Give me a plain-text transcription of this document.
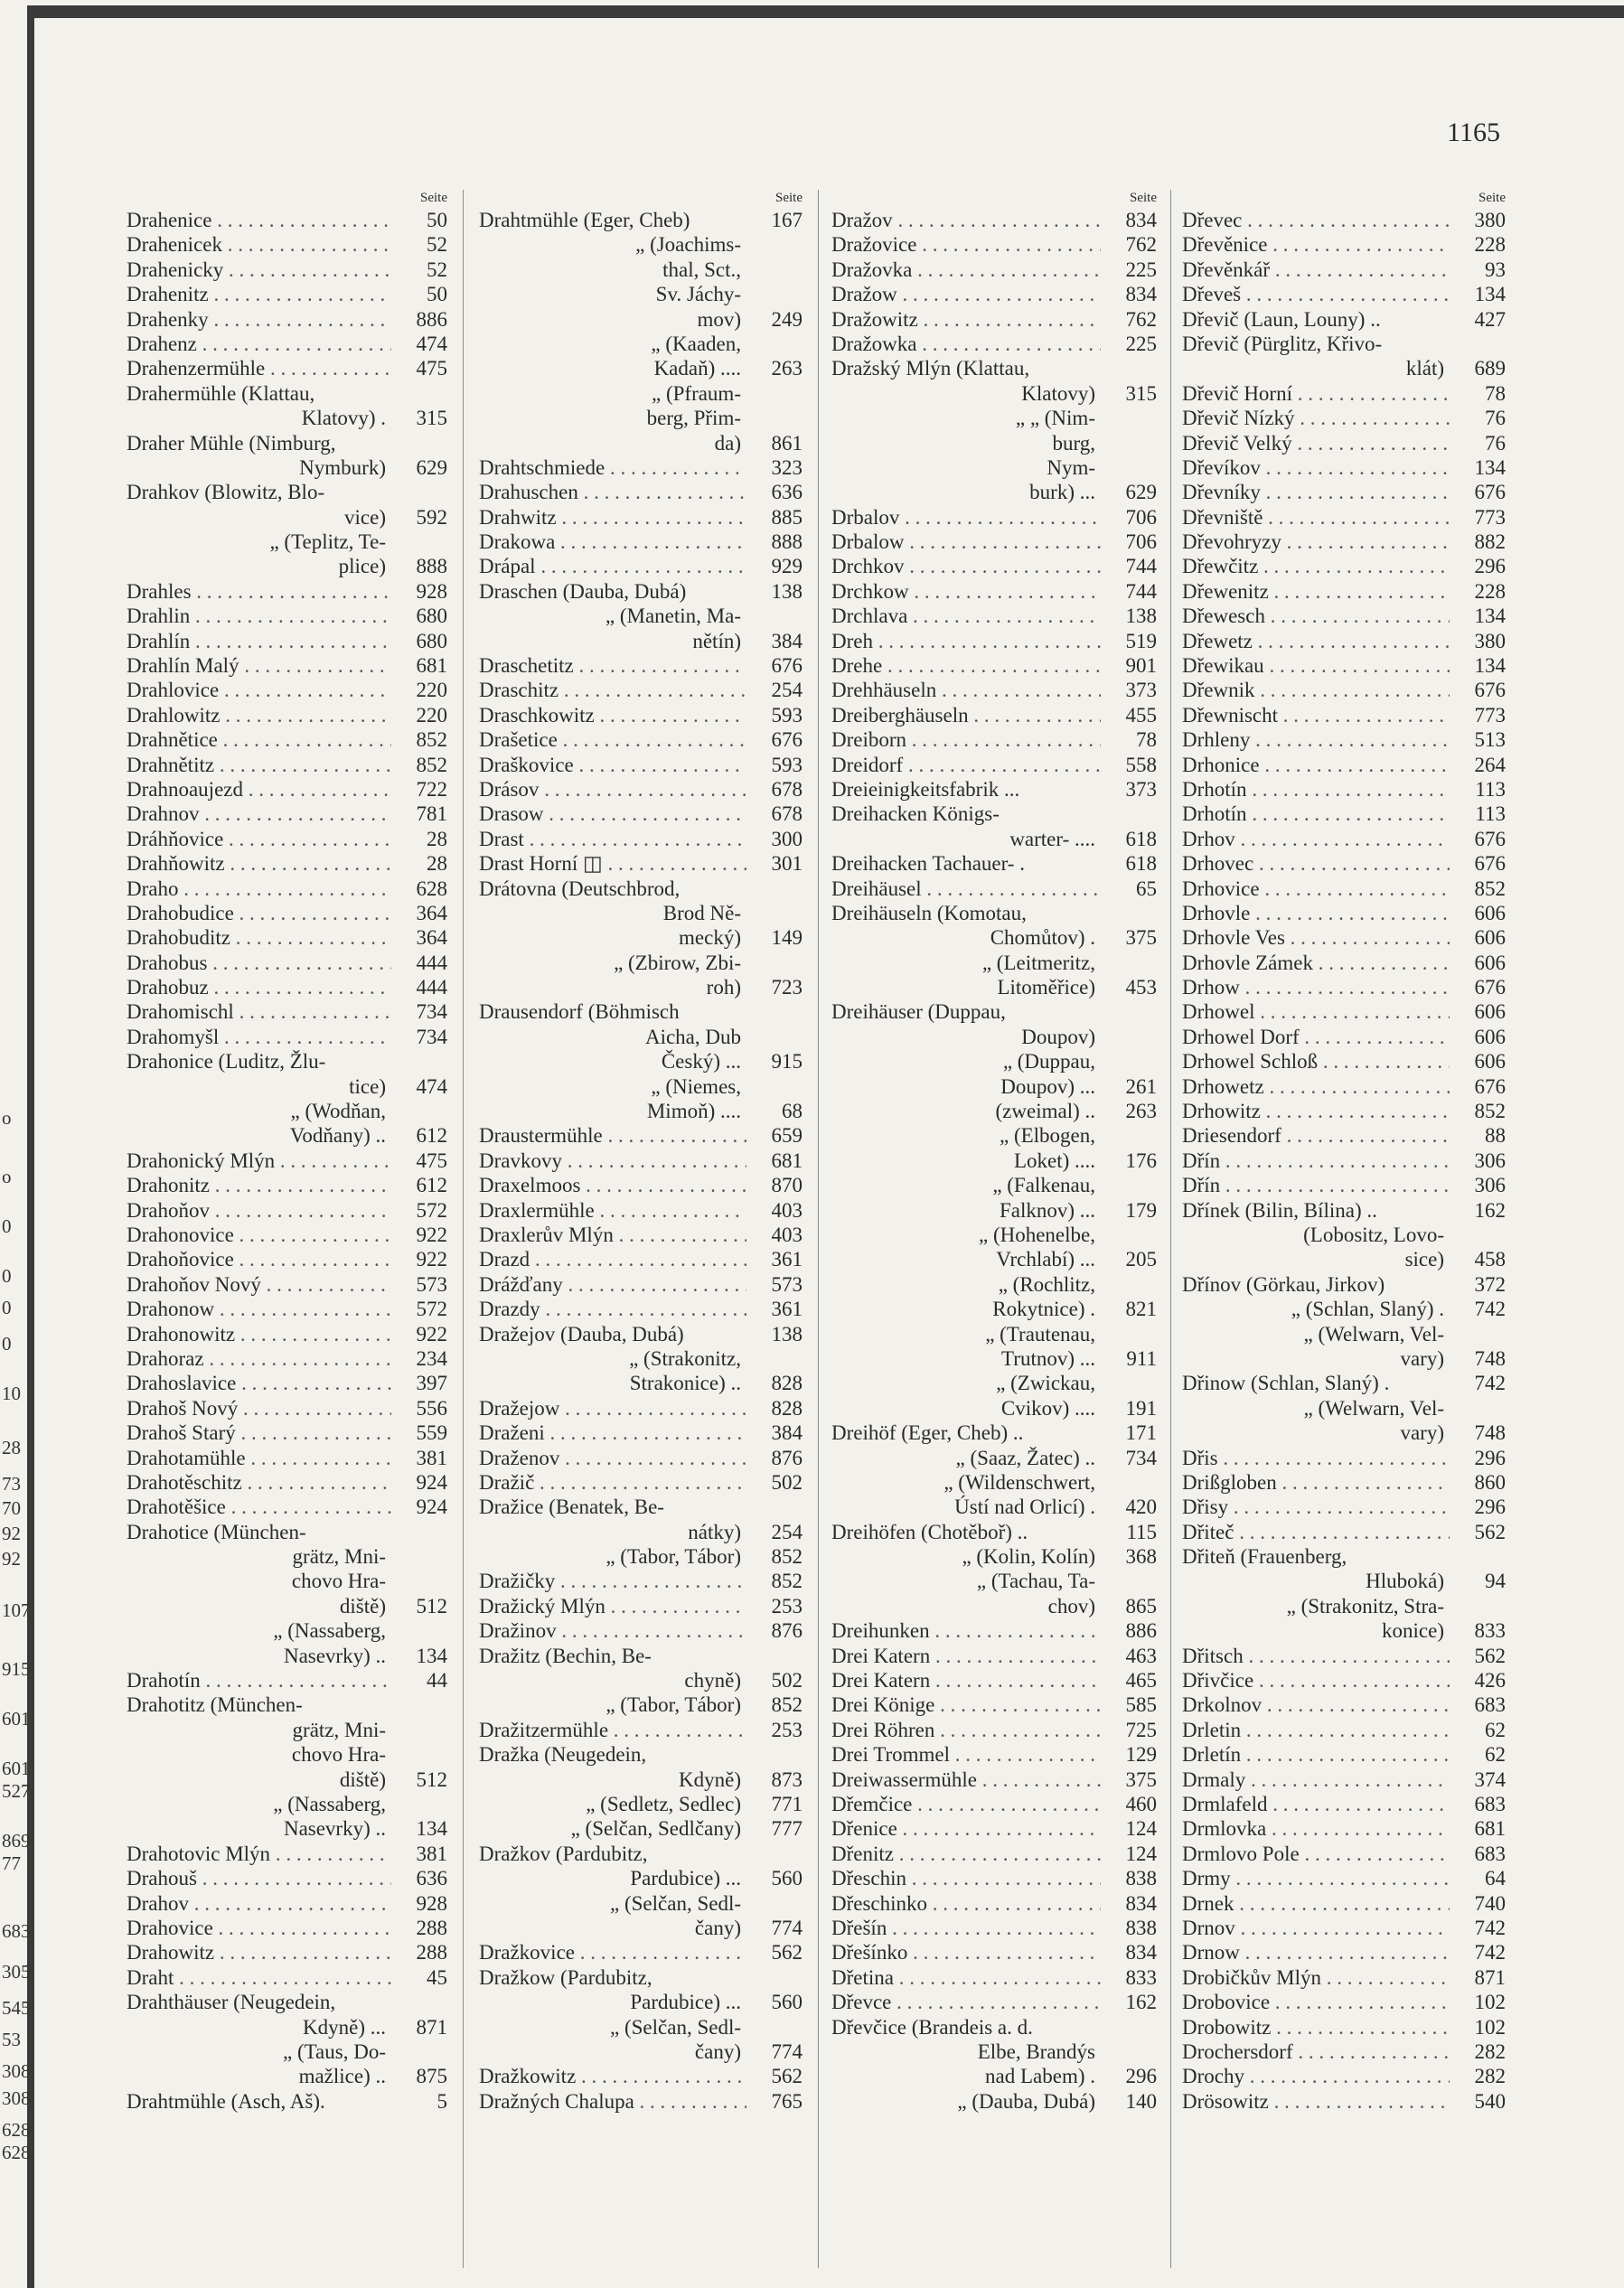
1165
Seite
Drahenice . . .	50
Drahenicek . . .	52
Drahenicky . . .	52
Drahenitz . . .	50
Drahenky . . .	886
Drahenz . . .	474
Drahenzermühle . . .	475
Drahermühle (Klattau,
Klatovy) .	315
Draher Mühle (Nimburg,
Nymburk)	629
Drahkov (Blowitz, Blo-
vice)	592
„ (Teplitz, Te-
plice)	888
Drahles . . .	928
Drahlin . . .	680
Drahlín . . .	680
Drahlín Malý . . .	681
Drahlovice . . .	220
Drahlowitz . . .	220
Drahnětice . . .	852
Drahnětitz . . .	852
Drahnoaujezd . . .	722
Drahnov . . .	781
Dráhňovice . . .	28
Drahňowitz . . .	28
Draho . . .	628
Drahobudice . . .	364
Drahobuditz . . .	364
Drahobus . . .	444
Drahobuz . . .	444
Drahomischl . . .	734
Drahomyšl . . .	734
Drahonice (Luditz, Žlu-
tice)	474
„ (Wodňan,
Vodňany) ..	612
Drahonický Mlýn . . .	475
Drahonitz . . .	612
Drahoňov . . .	572
Drahonovice . . .	922
Drahoňovice . . .	922
Drahoňov Nový . . .	573
Drahonow . . .	572
Drahonowitz . . .	922
Drahoraz . . .	234
Drahoslavice . . .	397
Drahoš Nový . . .	556
Drahoš Starý . . .	559
Drahotamühle . . .	381
Drahotěschitz . . .	924
Drahotěšice . . .	924
Drahotice (München-
grätz, Mni-
chovo Hra-
diště)	512
„ (Nassaberg,
Nasevrky) ..	134
Drahotín . . .	44
Drahotitz (München-
grätz, Mni-
chovo Hra-
diště)	512
„ (Nassaberg,
Nasevrky) ..	134
Drahotovic Mlýn . . .	381
Drahouš . . .	636
Drahov . . .	928
Drahovice . . .	288
Drahowitz . . .	288
Draht . . .	45
Drahthäuser (Neugedein,
Kdyně) ...	871
„ (Taus, Do-
mažlice) ..	875
Drahtmühle (Asch, Aš).	5
Seite
Drahtmühle (Eger, Cheb)	167
„ (Joachims-
thal, Sct.,
Sv. Jáchy-
mov)	249
„ (Kaaden,
Kadaň) ....	263
„ (Pfraum-
berg, Přim-
da)	861
Drahtschmiede . . .	323
Drahuschen . . .	636
Drahwitz . . .	885
Drakowa . . .	888
Drápal . . .	929
Draschen (Dauba, Dubá)	138
„ (Manetin, Ma-
nětín)	384
Draschetitz . . .	676
Draschitz . . .	254
Draschkowitz . . .	593
Drašetice . . .	676
Draškovice . . .	593
Drásov . . .	678
Drasow . . .	678
Drast . . .	300
Drast Horní ◫ . . .	301
Drátovna (Deutschbrod,
Brod Ně-
mecký)	149
„ (Zbirow, Zbi-
roh)	723
Drausendorf (Böhmisch
Aicha, Dub
Český) ...	915
„ (Niemes,
Mimoň) ....	68
Draustermühle . . .	659
Dravkovy . . .	681
Draxelmoos . . .	870
Draxlermühle . . .	403
Draxlerův Mlýn . . .	403
Drazd . . .	361
Drážďany . . .	573
Drazdy . . .	361
Dražejov (Dauba, Dubá)	138
„ (Strakonitz,
Strakonice) ..	828
Dražejow . . .	828
Draženi . . .	384
Draženov . . .	876
Dražič . . .	502
Dražice (Benatek, Be-
nátky)	254
„ (Tabor, Tábor)	852
Dražičky . . .	852
Dražický Mlýn . . .	253
Dražinov . . .	876
Dražitz (Bechin, Be-
chyně)	502
„ (Tabor, Tábor)	852
Dražitzermühle . . .	253
Dražka (Neugedein,
Kdyně)	873
„ (Sedletz, Sedlec)	771
„ (Selčan, Sedlčany)	777
Dražkov (Pardubitz,
Pardubice) ...	560
„ (Selčan, Sedl-
čany)	774
Dražkovice . . .	562
Dražkow (Pardubitz,
Pardubice) ...	560
„ (Selčan, Sedl-
čany)	774
Dražkowitz . . .	562
Dražných Chalupa . . .	765
Seite
Dražov . . .	834
Dražovice . . .	762
Dražovka . . .	225
Dražow . . .	834
Dražowitz . . .	762
Dražowka . . .	225
Dražský Mlýn (Klattau,
Klatovy)	315
„ „ (Nim-
burg,
Nym-
burk) ...	629
Drbalov . . .	706
Drbalow . . .	706
Drchkov . . .	744
Drchkow . . .	744
Drchlava . . .	138
Dreh . . .	519
Drehe . . .	901
Drehhäuseln . . .	373
Dreiberghäuseln . . .	455
Dreiborn . . .	78
Dreidorf . . .	558
Dreieinigkeitsfabrik ...	373
Dreihacken Königs-
warter- ....	618
Dreihacken Tachauer- .	618
Dreihäusel . . .	65
Dreihäuseln (Komotau,
Chomůtov) .	375
„ (Leitmeritz,
Litoměřice)	453
Dreihäuser (Duppau,
Doupov)
„ (Duppau,
Doupov) ...	261
(zweimal) ..	263
„ (Elbogen,
Loket) ....	176
„ (Falkenau,
Falknov) ...	179
„ (Hohenelbe,
Vrchlabí) ...	205
„ (Rochlitz,
Rokytnice) .	821
„ (Trautenau,
Trutnov) ...	911
„ (Zwickau,
Cvikov) ....	191
Dreihöf (Eger, Cheb) ..	171
„ (Saaz, Žatec) ..	734
„ (Wildenschwert,
Ústí nad Orlicí) .	420
Dreihöfen (Chotěboř) ..	115
„ (Kolin, Kolín)	368
„ (Tachau, Ta-
chov)	865
Dreihunken . . .	886
Drei Katern . . .	463
Drei Katern . . .	465
Drei Könige . . .	585
Drei Röhren . . .	725
Drei Trommel . . .	129
Dreiwassermühle . . .	375
Dřemčice . . .	460
Dřenice . . .	124
Dřenitz . . .	124
Dřeschin . . .	838
Dřeschinko . . .	834
Dřešín . . .	838
Dřešínko . . .	834
Dřetina . . .	833
Dřevce . . .	162
Dřevčice (Brandeis a. d.
Elbe, Brandýs
nad Labem) .	296
„ (Dauba, Dubá)	140
Seite
Dřevec . . .	380
Dřevěnice . . .	228
Dřevěnkář . . .	93
Dřeveš . . .	134
Dřevič (Laun, Louny) ..	427
Dřevič (Pürglitz, Křivo-
klát)	689
Dřevič Horní . . .	78
Dřevič Nízký . . .	76
Dřevič Velký . . .	76
Dřevíkov . . .	134
Dřevníky . . .	676
Dřevniště . . .	773
Dřevohryzy . . .	882
Dřewčitz . . .	296
Dřewenitz . . .	228
Dřewesch . . .	134
Dřewetz . . .	380
Dřewikau . . .	134
Dřewnik . . .	676
Dřewnischt . . .	773
Drhleny . . .	513
Drhonice . . .	264
Drhotín . . .	113
Drhotín . . .	113
Drhov . . .	676
Drhovec . . .	676
Drhovice . . .	852
Drhovle . . .	606
Drhovle Ves . . .	606
Drhovle Zámek . . .	606
Drhow . . .	676
Drhowel . . .	606
Drhowel Dorf . . .	606
Drhowel Schloß . . .	606
Drhowetz . . .	676
Drhowitz . . .	852
Driesendorf . . .	88
Dřín . . .	306
Dřín . . .	306
Dřínek (Bilin, Bílina) ..	162
(Lobositz, Lovo-
sice)	458
Dřínov (Görkau, Jirkov)	372
„ (Schlan, Slaný) .	742
„ (Welwarn, Vel-
vary)	748
Dřinow (Schlan, Slaný) .	742
„ (Welwarn, Vel-
vary)	748
Dřis . . .	296
Drißgloben . . .	860
Dřisy . . .	296
Dřiteč . . .	562
Dřiteň (Frauenberg,
Hluboká)	94
„ (Strakonitz, Stra-
konice)	833
Dřitsch . . .	562
Dřivčice . . .	426
Drkolnov . . .	683
Drletin . . .	62
Drletín . . .	62
Drmaly . . .	374
Drmlafeld . . .	683
Drmlovka . . .	681
Drmlovo Pole . . .	683
Drmy . . .	64
Drnek . . .	740
Drnov . . .	742
Drnow . . .	742
Drobičkův Mlýn . . .	871
Drobovice . . .	102
Drobowitz . . .	102
Drochersdorf . . .	282
Drochy . . .	282
Drösowitz . . .	540
o
o
0
0
0
0
10
28
73
70
92
92
107
915
601
601
527
869
77
683
305
545
53
308
308
628
628
